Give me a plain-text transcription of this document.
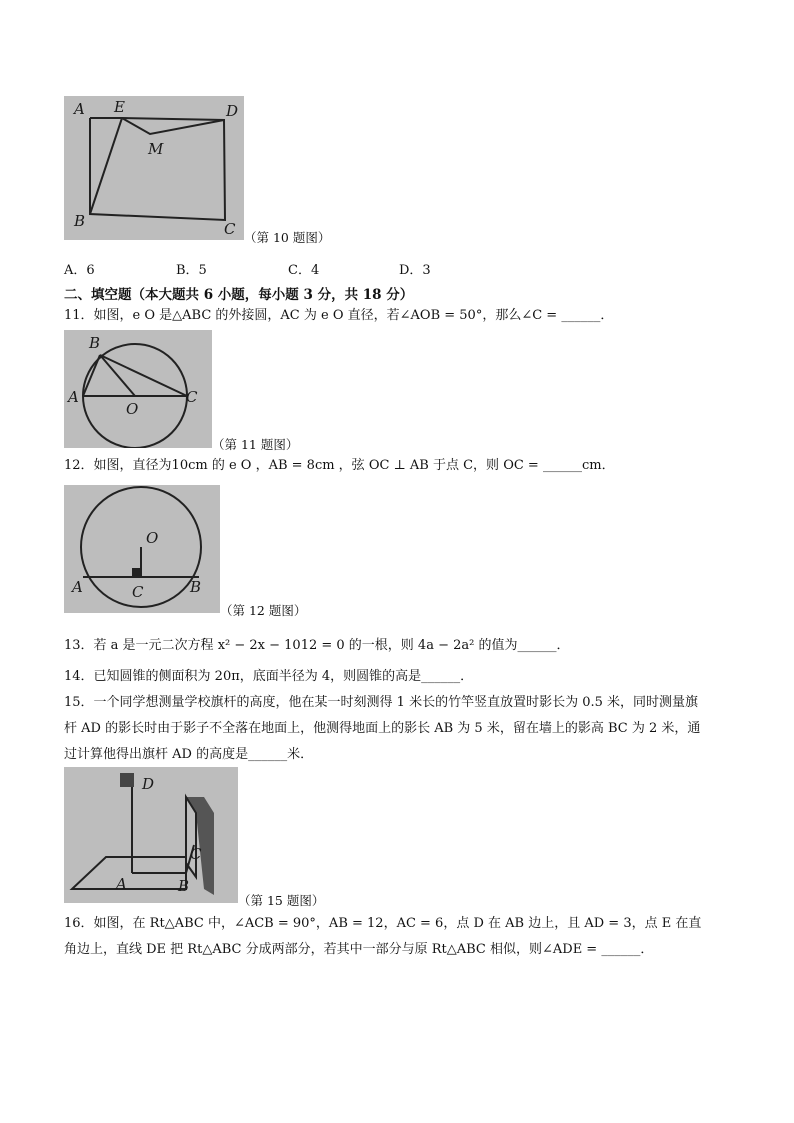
A E	D
M
B	C （第 10 题图）
A．6	B．5	C．4	D．3
二、填空题（本大题共 6 小题，每小题 3 分，共 18 分）
11．如图，e O 是△ABC 的外接圆，AC 为 e O 直径，若∠AOB = 50°，那么∠C = ______．
B
A
O
C
（第 11 题图）
12．如图，直径为10cm 的 e O ，AB = 8cm ，弦 OC ⊥ AB 于点 C，则 OC = ______cm．
O
A	C	B
（第 12 题图）
13．若 a 是一元二次方程 x² − 2x − 1012 = 0 的一根，则 4a − 2a² 的值为______．
14．已知圆锥的侧面积为 20π，底面半径为 4，则圆锥的高是______．
15．一个同学想测量学校旗杆的高度，他在某一时刻测得 1 米长的竹竿竖直放置时影长为 0.5 米，同时测量旗
杆 AD 的影长时由于影子不全落在地面上，他测得地面上的影长 AB 为 5 米，留在墙上的影高 BC 为 2 米，通
过计算他得出旗杆 AD 的高度是______米．
D
C
A	B
（第 15 题图）
16．如图，在 Rt△ABC 中，∠ACB = 90°，AB = 12，AC = 6，点 D 在 AB 边上，且 AD = 3，点 E 在直
角边上，直线 DE 把 Rt△ABC 分成两部分，若其中一部分与原 Rt△ABC 相似，则∠ADE = ______．
